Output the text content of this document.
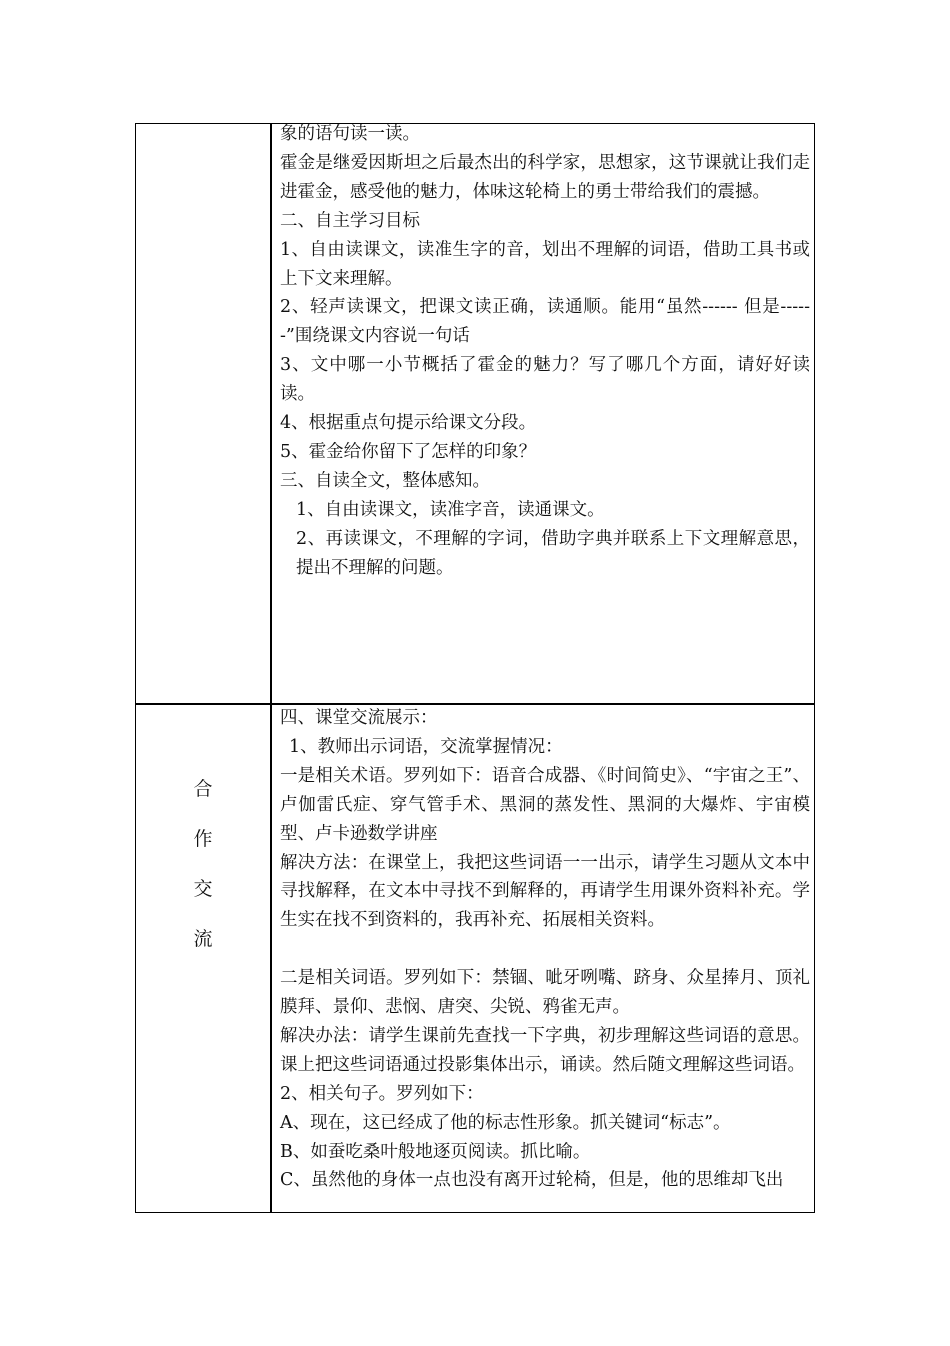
象的语句读一读。

霍金是继爱因斯坦之后最杰出的科学家，思想家，这节课就让我们走进霍金，感受他的魅力，体味这轮椅上的勇士带给我们的震撼。

二、自主学习目标

1、自由读课文，读准生字的音，划出不理解的词语，借助工具书或上下文来理解。

2、轻声读课文，把课文读正确，读通顺。能用“虽然------ 但是------”围绕课文内容说一句话

3、文中哪一小节概括了霍金的魅力？写了哪几个方面，请好好读读。

4、根据重点句提示给课文分段。

5、霍金给你留下了怎样的印象？

三、自读全文，整体感知。

1、自由读课文，读准字音，读通课文。

2、再读课文，不理解的字词，借助字典并联系上下文理解意思，提出不理解的问题。

合
作
交
流

四、课堂交流展示：

1、教师出示词语，交流掌握情况：

一是相关术语。罗列如下：语音合成器、《时间简史》、“宇宙之王”、卢伽雷氏症、穿气管手术、黑洞的蒸发性、黑洞的大爆炸、宇宙模型、卢卡逊数学讲座

解决方法：在课堂上，我把这些词语一一出示，请学生习题从文本中寻找解释，在文本中寻找不到解释的，再请学生用课外资料补充。学生实在找不到资料的，我再补充、拓展相关资料。

二是相关词语。罗列如下：禁锢、呲牙咧嘴、跻身、众星捧月、顶礼膜拜、景仰、悲悯、唐突、尖锐、鸦雀无声。

解决办法：请学生课前先查找一下字典，初步理解这些词语的意思。课上把这些词语通过投影集体出示，诵读。然后随文理解这些词语。

2、相关句子。罗列如下：

A、现在，这已经成了他的标志性形象。抓关键词“标志”。

B、如蚕吃桑叶般地逐页阅读。抓比喻。

C、虽然他的身体一点也没有离开过轮椅，但是，他的思维却飞出
